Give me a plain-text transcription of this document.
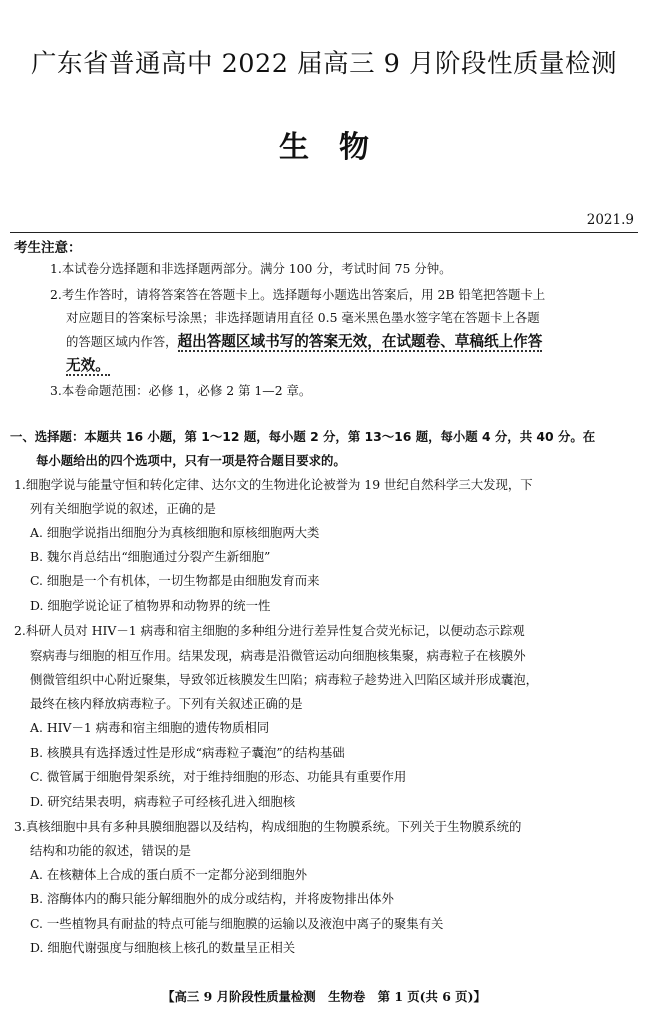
广东省普通高中 2022 届高三 9 月阶段性质量检测
生物
2021.9
考生注意：
1.本试卷分选择题和非选择题两部分。满分 100 分，考试时间 75 分钟。
2.考生作答时，请将答案答在答题卡上。选择题每小题选出答案后，用 2B 铅笔把答题卡上
对应题目的答案标号涂黑；非选择题请用直径 0.5 毫米黑色墨水签字笔在答题卡上各题
的答题区域内作答，超出答题区域书写的答案无效，在试题卷、草稿纸上作答
无效。
3.本卷命题范围：必修 1，必修 2 第 1—2 章。
一、选择题：本题共 16 小题，第 1～12 题，每小题 2 分，第 13～16 题，每小题 4 分，共 40 分。在
每小题给出的四个选项中，只有一项是符合题目要求的。
1.细胞学说与能量守恒和转化定律、达尔文的生物进化论被誉为 19 世纪自然科学三大发现，下
列有关细胞学说的叙述，正确的是
A. 细胞学说指出细胞分为真核细胞和原核细胞两大类
B. 魏尔肖总结出“细胞通过分裂产生新细胞”
C. 细胞是一个有机体，一切生物都是由细胞发育而来
D. 细胞学说论证了植物界和动物界的统一性
2.科研人员对 HIV－1 病毒和宿主细胞的多种组分进行差异性复合荧光标记，以便动态示踪观
察病毒与细胞的相互作用。结果发现，病毒是沿微管运动向细胞核集聚，病毒粒子在核膜外
侧微管组织中心附近聚集，导致邻近核膜发生凹陷；病毒粒子趁势进入凹陷区域并形成囊泡，
最终在核内释放病毒粒子。下列有关叙述正确的是
A. HIV－1 病毒和宿主细胞的遗传物质相同
B. 核膜具有选择透过性是形成“病毒粒子囊泡”的结构基础
C. 微管属于细胞骨架系统，对于维持细胞的形态、功能具有重要作用
D. 研究结果表明，病毒粒子可经核孔进入细胞核
3.真核细胞中具有多种具膜细胞器以及结构，构成细胞的生物膜系统。下列关于生物膜系统的
结构和功能的叙述，错误的是
A. 在核糖体上合成的蛋白质不一定都分泌到细胞外
B. 溶酶体内的酶只能分解细胞外的成分或结构，并将废物排出体外
C. 一些植物具有耐盐的特点可能与细胞膜的运输以及液泡中离子的聚集有关
D. 细胞代谢强度与细胞核上核孔的数量呈正相关
【高三 9 月阶段性质量检测　生物卷　第 1 页(共 6 页)】
